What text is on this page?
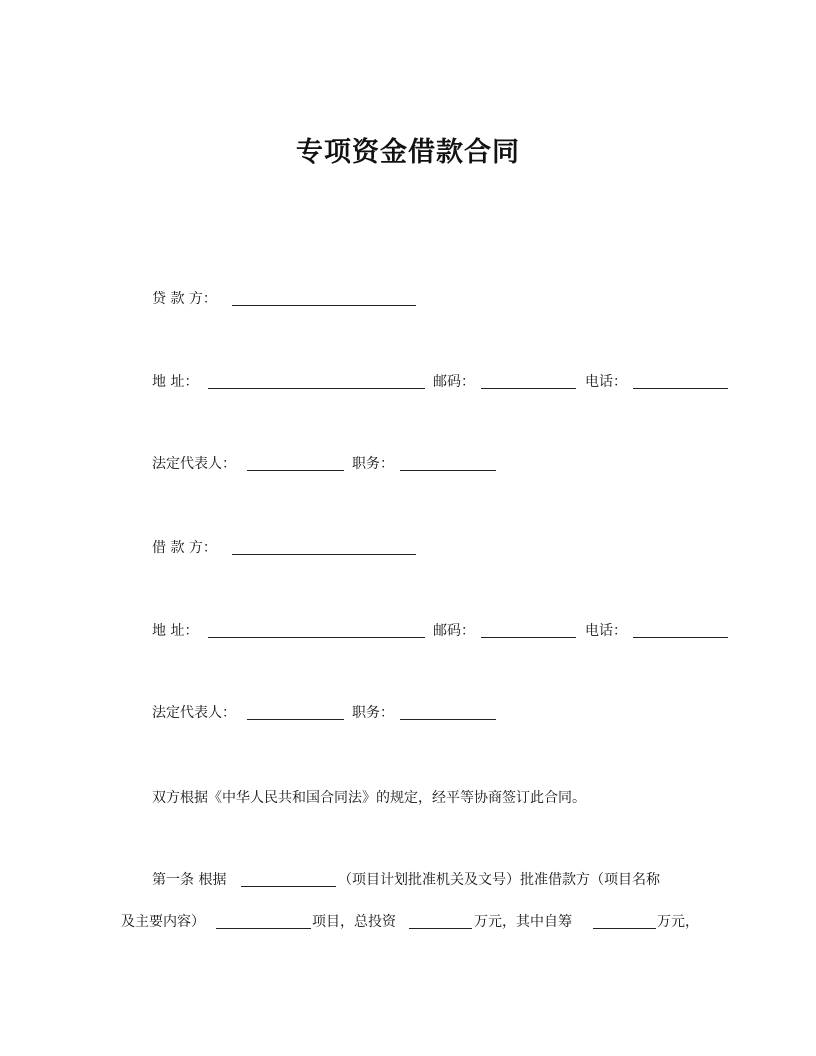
专项资金借款合同
贷 款 方：
地 址：	邮码：	电话：
法定代表人：	职务：
借 款 方：
地 址：	邮码：	电话：
法定代表人：	职务：
双方根据《中华人民共和国合同法》的规定，经平等协商签订此合同。
第一条 根据	（项目计划批准机关及文号）批准借款方（项目名称
及主要内容）	项目，总投资	万元，其中自筹	万元，
